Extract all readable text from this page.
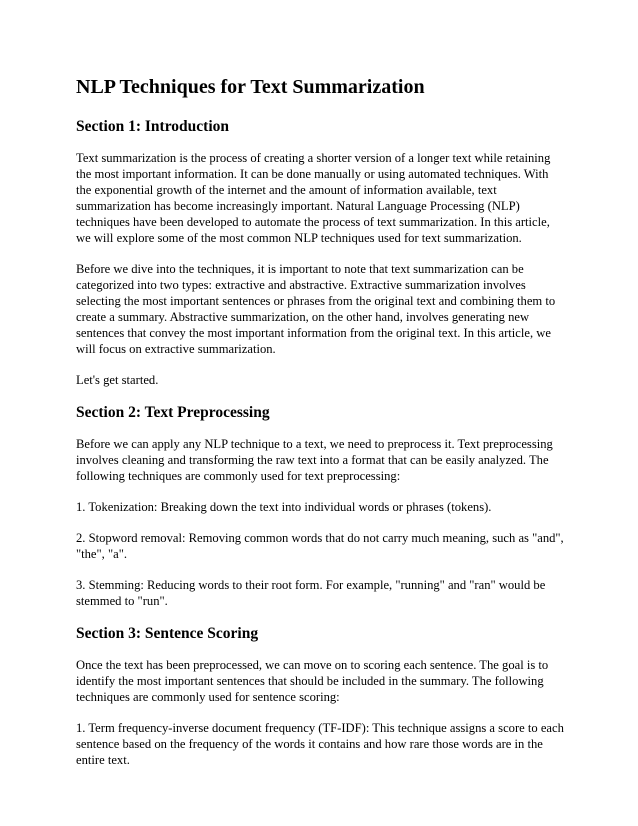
NLP Techniques for Text Summarization
Section 1: Introduction

Text summarization is the process of creating a shorter version of a longer text while retaining the most important information. It can be done manually or using automated techniques. With the exponential growth of the internet and the amount of information available, text summarization has become increasingly important. Natural Language Processing (NLP) techniques have been developed to automate the process of text summarization. In this article, we will explore some of the most common NLP techniques used for text summarization.

Before we dive into the techniques, it is important to note that text summarization can be categorized into two types: extractive and abstractive. Extractive summarization involves selecting the most important sentences or phrases from the original text and combining them to create a summary. Abstractive summarization, on the other hand, involves generating new sentences that convey the most important information from the original text. In this article, we will focus on extractive summarization.

Let's get started.

Section 2: Text Preprocessing

Before we can apply any NLP technique to a text, we need to preprocess it. Text preprocessing involves cleaning and transforming the raw text into a format that can be easily analyzed. The following techniques are commonly used for text preprocessing:

1. Tokenization: Breaking down the text into individual words or phrases (tokens).

2. Stopword removal: Removing common words that do not carry much meaning, such as "and", "the", "a".

3. Stemming: Reducing words to their root form. For example, "running" and "ran" would be stemmed to "run".

Section 3: Sentence Scoring

Once the text has been preprocessed, we can move on to scoring each sentence. The goal is to identify the most important sentences that should be included in the summary. The following techniques are commonly used for sentence scoring:

1. Term frequency-inverse document frequency (TF-IDF): This technique assigns a score to each sentence based on the frequency of the words it contains and how rare those words are in the entire text.
